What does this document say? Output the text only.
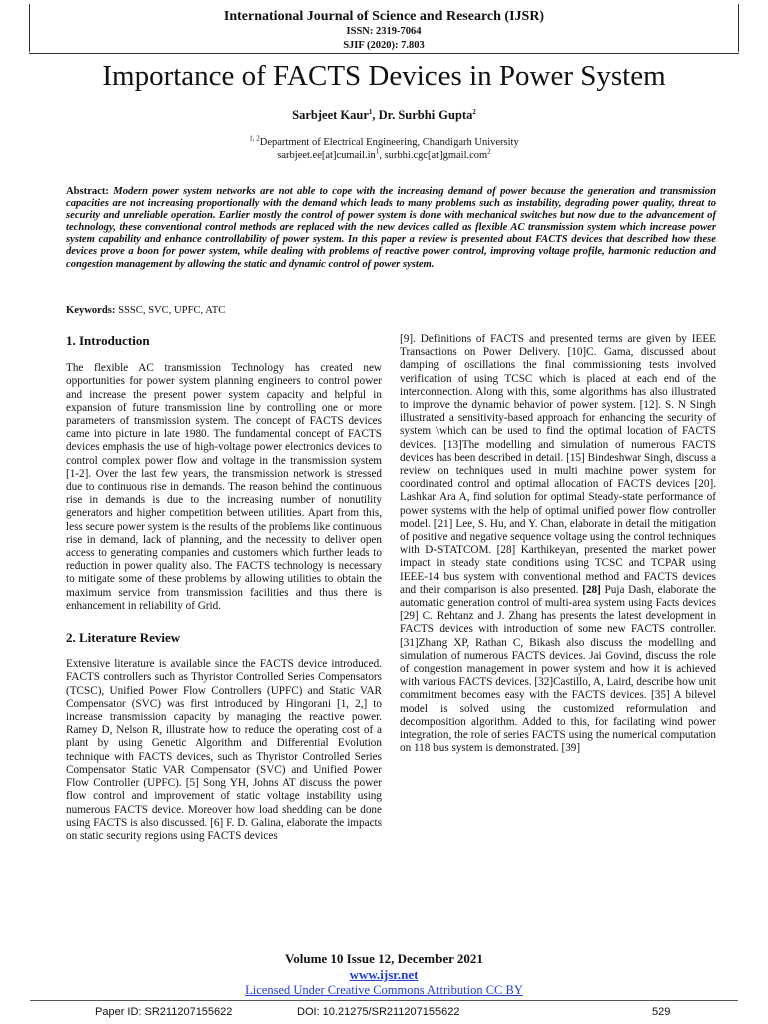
International Journal of Science and Research (IJSR)
ISSN: 2319-7064
SJIF (2020): 7.803
Importance of FACTS Devices in Power System
Sarbjeet Kaur$^1$, Dr. Surbhi Gupta$^2$
$^{1, 2}$Department of Electrical Engineering, Chandigarh University
$sarbjeet.ee[at]cumail.in^1$, surbhi.cgc[at]gmail.com$^2$
Abstract: Modern power system networks are not able to cope with the increasing demand of power because the generation and transmission capacities are not increasing proportionally with the demand which leads to many problems such as instability, degrading power quality, threat to security and unreliable operation. Earlier mostly the control of power system is done with mechanical switches but now due to the advancement of technology, these conventional control methods are replaced with the new devices called as flexible AC transmission system which increase power system capability and enhance controllability of power system. In this paper a review is presented about FACTS devices that described how these devices prove a boon for power system, while dealing with problems of reactive power control, improving voltage profile, harmonic reduction and congestion management by allowing the static and dynamic control of power system.
Keywords: SSSC, SVC, UPFC, ATC

1. Introduction

The flexible AC transmission Technology has created new opportunities for power system planning engineers to control power and increase the present power system capacity and helpful in expansion of future transmission line by controlling one or more parameters of transmission system. The concept of FACTS devices came into picture in late 1980. The fundamental concept of FACTS devices emphasis the use of high-voltage power electronics devices to control complex power flow and voltage in the transmission system [1-2]. Over the last few years, the transmission network is stressed due to continuous rise in demands. The reason behind the continuous rise in demands is due to the increasing number of nonutility generators and higher competition between utilities. Apart from this, less secure power system is the results of the problems like continuous rise in demand, lack of planning, and the necessity to deliver open access to generating companies and customers which further leads to reduction in power quality also. The FACTS technology is necessary to mitigate some of these problems by allowing utilities to obtain the maximum service from transmission facilities and thus there is enhancement in reliability of Grid.

2. Literature Review

Extensive literature is available since the FACTS device introduced. FACTS controllers such as Thyristor Controlled Series Compensators (TCSC), Unified Power Flow Controllers (UPFC) and Static VAR Compensator (SVC) was first introduced by Hingorani [1, 2,] to increase transmission capacity by managing the reactive power. Ramey D, Nelson R, illustrate how to reduce the operating cost of a plant by using Genetic Algorithm and Differential Evolution technique with FACTS devices, such as Thyristor Controlled Series Compensator Static VAR Compensator (SVC) and Unified Power Flow Controller (UPFC). [5] Song YH, Johns AT discuss the power flow control and improvement of static voltage instability using numerous FACTS device. Moreover how load shedding can be done using FACTS is also discussed. [6] F. D. Galina, elaborate the impacts on static security regions using FACTS devices

[9]. Definitions of FACTS and presented terms are given by IEEE Transactions on Power Delivery. [10]C. Gama, discussed about damping of oscillations the final commissioning tests involved verification of using TCSC which is placed at each end of the interconnection. Along with this, some algorithms has also illustrated to improve the dynamic behavior of power system. [12]. S. N Singh illustrated a sensitivity-based approach for enhancing the security of system \which can be used to find the optimal location of FACTS devices. [13]The modelling and simulation of numerous FACTS devices has been described in detail. [15] Bindeshwar Singh, discuss a review on techniques used in multi machine power system for coordinated control and optimal allocation of FACTS devices [20]. Lashkar Ara A, find solution for optimal Steady-state performance of power systems with the help of optimal unified power flow controller model. [21] Lee, S. Hu, and Y. Chan, elaborate in detail the mitigation of positive and negative sequence voltage using the control techniques with D-STATCOM. [28] Karthikeyan, presented the market power impact in steady state conditions using TCSC and TCPAR using IEEE-14 bus system with conventional method and FACTS devices and their comparison is also presented. [28] Puja Dash, elaborate the automatic generation control of multi-area system using Facts devices [29] C. Rehtanz and J. Zhang has presents the latest development in FACTS devices with introduction of some new FACTS controller. [31]Zhang XP, Rathan C, Bikash also discuss the modelling and simulation of numerous FACTS devices. Jai Govind, discuss the role of congestion management in power system and how it is achieved with various FACTS devices. [32]Castillo, A, Laird, describe how unit commitment becomes easy with the FACTS devices. [35] A bilevel model is solved using the customized reformulation and decomposition algorithm. Added to this, for facilating wind power integration, the role of series FACTS using the numerical computation on 118 bus system is demonstrated. [39]

Volume 10 Issue 12, December 2021
www.ijsr.net
Licensed Under Creative Commons Attribution CC BY
Paper ID: SR211207155622	DOI: 10.21275/SR211207155622	529
